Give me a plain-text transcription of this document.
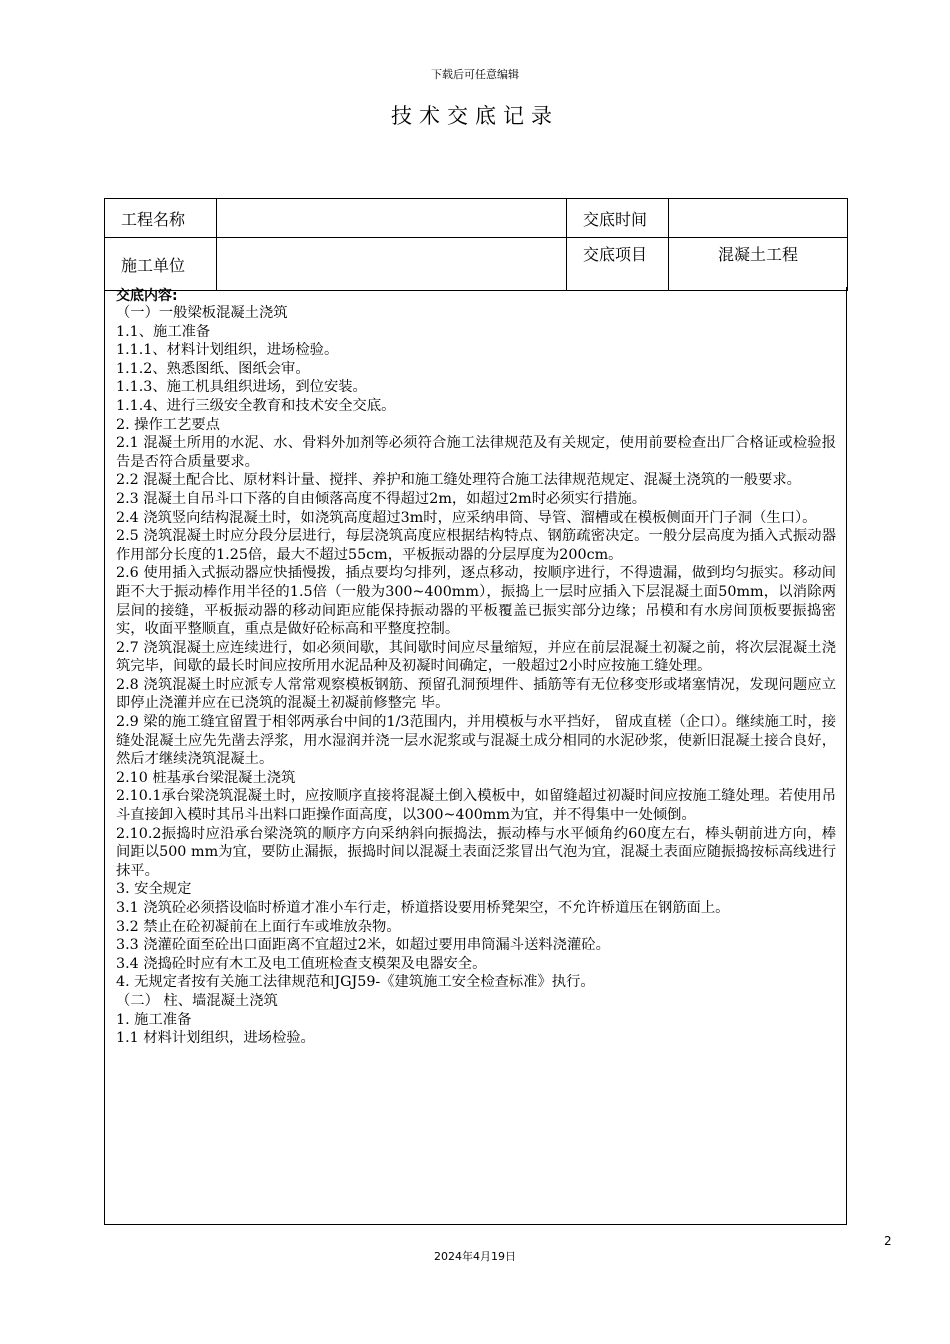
下载后可任意编辑
技术交底记录
工程名称		交底时间	
施工单位		交底项目	混凝土工程
交底内容:

（一）一般梁板混凝土浇筑

1.1、施工准备

1.1.1、材料计划组织，进场检验。

1.1.2、熟悉图纸、图纸会审。

1.1.3、施工机具组织进场，到位安装。

1.1.4、进行三级安全教育和技术安全交底。

2. 操作工艺要点

2.1 混凝土所用的水泥、水、骨料外加剂等必须符合施工法律规范及有关规定，使用前要检查出厂合格证或检验报告是否符合质量要求。

2.2 混凝土配合比、原材料计量、搅拌、养护和施工缝处理符合施工法律规范规定、混凝土浇筑的一般要求。

2.3 混凝土自吊斗口下落的自由倾落高度不得超过2m，如超过2m时必须实行措施。

2.4 浇筑竖向结构混凝土时，如浇筑高度超过3m时，应采纳串筒、导管、溜槽或在模板侧面开门子洞（生口）。

2.5 浇筑混凝土时应分段分层进行，每层浇筑高度应根据结构特点、钢筋疏密决定。一般分层高度为插入式振动器作用部分长度的1.25倍，最大不超过55cm，平板振动器的分层厚度为200cm。

2.6 使用插入式振动器应快插慢拨，插点要均匀排列，逐点移动，按顺序进行，不得遗漏，做到均匀振实。移动间距不大于振动棒作用半径的1.5倍（一般为300~400mm），振捣上一层时应插入下层混凝土面50mm，以消除两层间的接缝，平板振动器的移动间距应能保持振动器的平板覆盖已振实部分边缘；吊模和有水房间顶板要振捣密实，收面平整顺直，重点是做好砼标高和平整度控制。

2.7 浇筑混凝土应连续进行，如必须间歇，其间歇时间应尽量缩短，并应在前层混凝土初凝之前，将次层混凝土浇筑完毕，间歇的最长时间应按所用水泥品种及初凝时间确定，一般超过2小时应按施工缝处理。

2.8 浇筑混凝土时应派专人常常观察模板钢筋、预留孔洞预埋件、插筋等有无位移变形或堵塞情况，发现问题应立即停止浇灌并应在已浇筑的混凝土初凝前修整完 毕。

2.9 梁的施工缝宜留置于相邻两承台中间的1/3范围内，并用模板与水平挡好， 留成直槎（企口）。继续施工时，接缝处混凝土应先先凿去浮浆，用水湿润并浇一层水泥浆或与混凝土成分相同的水泥砂浆，使新旧混凝土接合良好，然后才继续浇筑混凝土。

2.10 桩基承台梁混凝土浇筑

2.10.1承台梁浇筑混凝土时，应按顺序直接将混凝土倒入模板中，如留缝超过初凝时间应按施工缝处理。若使用吊斗直接卸入模时其吊斗出料口距操作面高度，以300~400mm为宜，并不得集中一处倾倒。

2.10.2振捣时应沿承台梁浇筑的顺序方向采纳斜向振捣法，振动棒与水平倾角约60度左右，棒头朝前进方向，棒间距以500 mm为宜，要防止漏振，振捣时间以混凝土表面泛浆冒出气泡为宜，混凝土表面应随振捣按标高线进行抹平。

3. 安全规定

3.1 浇筑砼必须搭设临时桥道才准小车行走，桥道搭设要用桥凳架空，不允许桥道压在钢筋面上。

3.2 禁止在砼初凝前在上面行车或堆放杂物。

3.3 浇灌砼面至砼出口面距离不宜超过2米，如超过要用串筒漏斗送料浇灌砼。

3.4 浇捣砼时应有木工及电工值班检查支模架及电器安全。

4. 无规定者按有关施工法律规范和JGJ59-《建筑施工安全检查标准》执行。

（二） 柱、墙混凝土浇筑

1. 施工准备

1.1 材料计划组织，进场检验。

2
2024年4月19日
